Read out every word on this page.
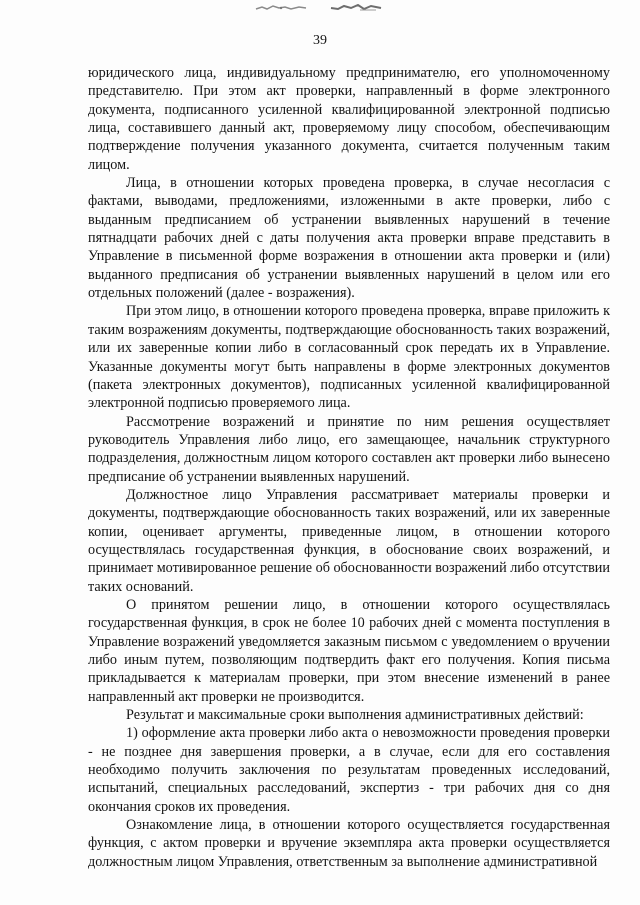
39

юридического лица, индивидуальному предпринимателю, его уполномоченному представителю. При этом акт проверки, направленный в форме электронного документа, подписанного усиленной квалифицированной электронной подписью лица, составившего данный акт, проверяемому лицу способом, обеспечивающим подтверждение получения указанного документа, считается полученным таким лицом.

Лица, в отношении которых проведена проверка, в случае несогласия с фактами, выводами, предложениями, изложенными в акте проверки, либо с выданным предписанием об устранении выявленных нарушений в течение пятнадцати рабочих дней с даты получения акта проверки вправе представить в Управление в письменной форме возражения в отношении акта проверки и (или) выданного предписания об устранении выявленных нарушений в целом или его отдельных положений (далее - возражения).

При этом лицо, в отношении которого проведена проверка, вправе приложить к таким возражениям документы, подтверждающие обоснованность таких возражений, или их заверенные копии либо в согласованный срок передать их в Управление. Указанные документы могут быть направлены в форме электронных документов (пакета электронных документов), подписанных усиленной квалифицированной электронной подписью проверяемого лица.

Рассмотрение возражений и принятие по ним решения осуществляет руководитель Управления либо лицо, его замещающее, начальник структурного подразделения, должностным лицом которого составлен акт проверки либо вынесено предписание об устранении выявленных нарушений.

Должностное лицо Управления рассматривает материалы проверки и документы, подтверждающие обоснованность таких возражений, или их заверенные копии, оценивает аргументы, приведенные лицом, в отношении которого осуществлялась государственная функция, в обоснование своих возражений, и принимает мотивированное решение об обоснованности возражений либо отсутствии таких оснований.

О принятом решении лицо, в отношении которого осуществлялась государственная функция, в срок не более 10 рабочих дней с момента поступления в Управление возражений уведомляется заказным письмом с уведомлением о вручении либо иным путем, позволяющим подтвердить факт его получения. Копия письма прикладывается к материалам проверки, при этом внесение изменений в ранее направленный акт проверки не производится.

Результат и максимальные сроки выполнения административных действий:

1) оформление акта проверки либо акта о невозможности проведения проверки - не позднее дня завершения проверки, а в случае, если для его составления необходимо получить заключения по результатам проведенных исследований, испытаний, специальных расследований, экспертиз - три рабочих дня со дня окончания сроков их проведения.

Ознакомление лица, в отношении которого осуществляется государственная функция, с актом проверки и вручение экземпляра акта проверки осуществляется должностным лицом Управления, ответственным за выполнение административной
